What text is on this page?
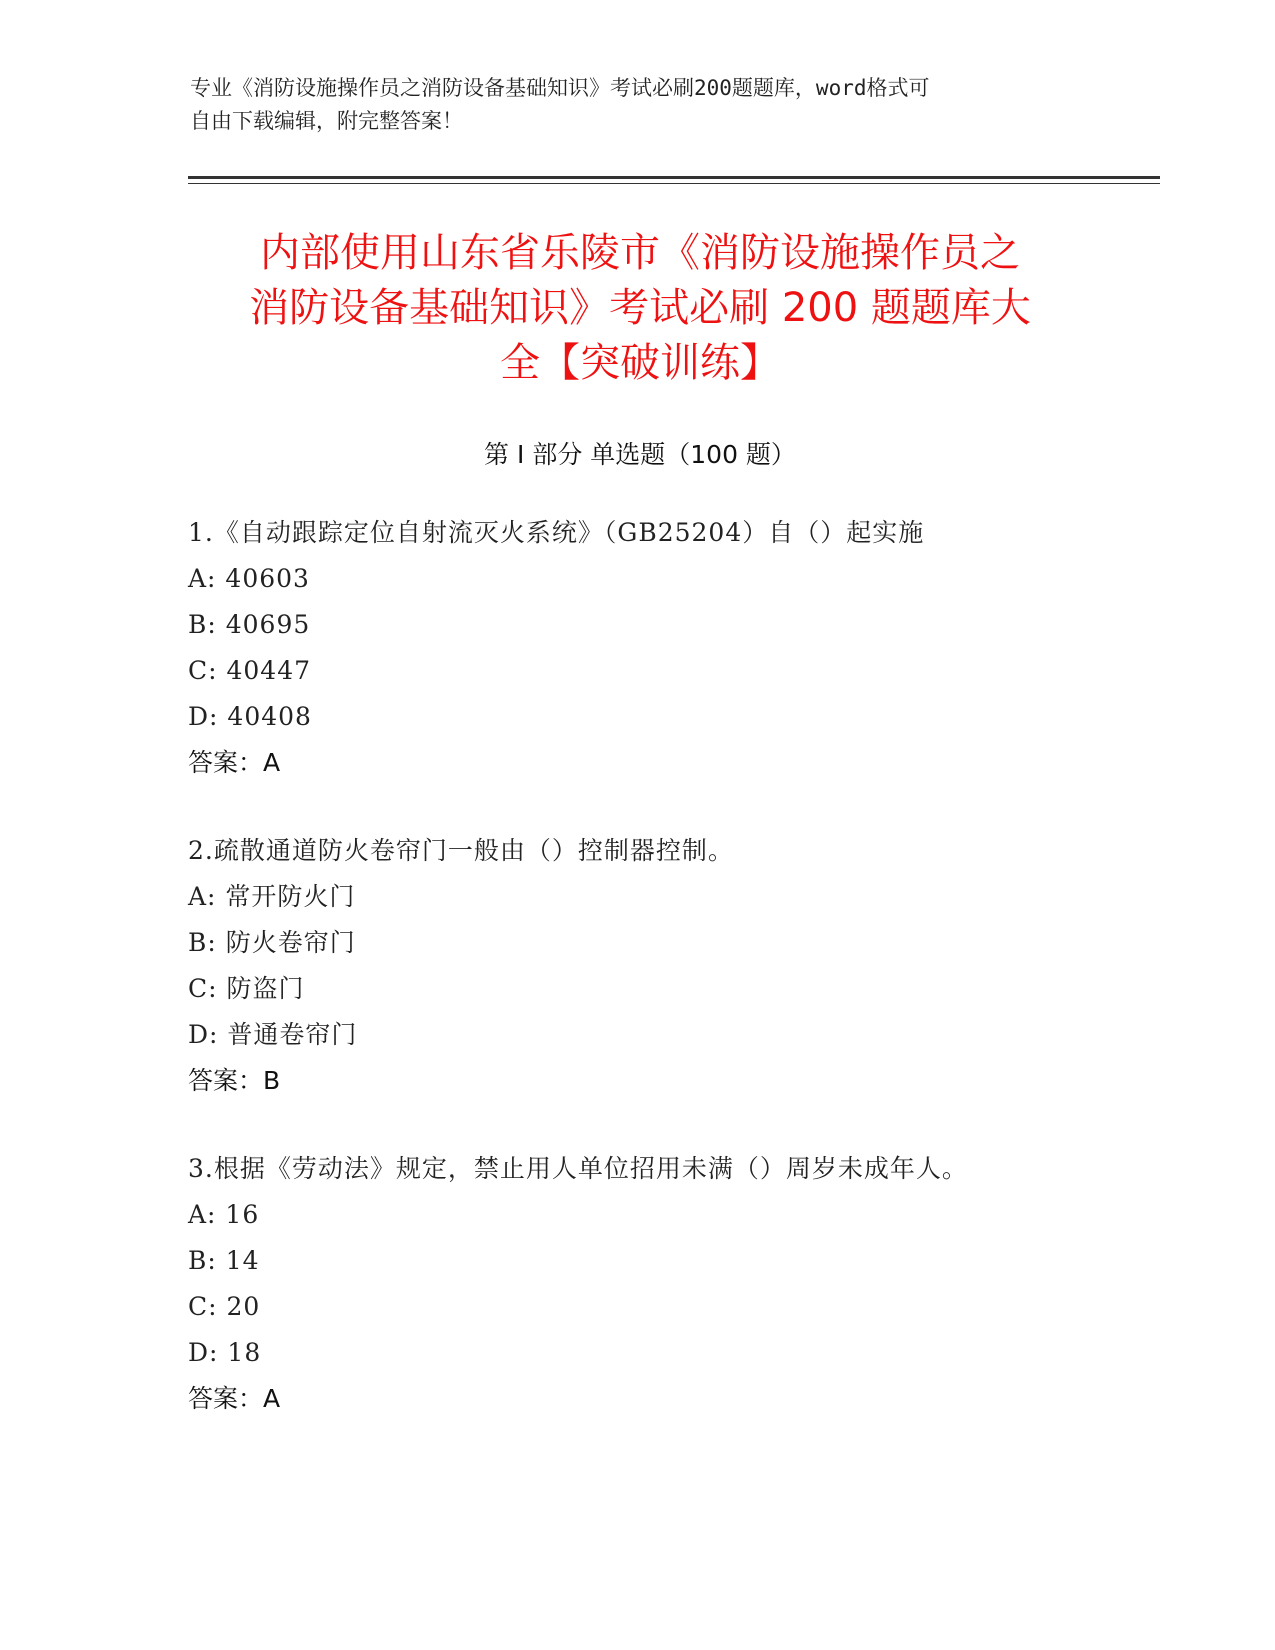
专业《消防设施操作员之消防设备基础知识》考试必刷200题题库，word格式可
自由下载编辑，附完整答案！
内部使用山东省乐陵市《消防设施操作员之
消防设备基础知识》考试必刷 200 题题库大
全【突破训练】
第 I 部分 单选题（100 题）
1.《自动跟踪定位自射流灭火系统》（GB25204）自（）起实施
A: 40603
B: 40695
C: 40447
D: 40408
答案：A
2.疏散通道防火卷帘门一般由（）控制器控制。
A: 常开防火门
B: 防火卷帘门
C: 防盗门
D: 普通卷帘门
答案：B
3.根据《劳动法》规定，禁止用人单位招用未满（）周岁未成年人。
A: 16
B: 14
C: 20
D: 18
答案：A
